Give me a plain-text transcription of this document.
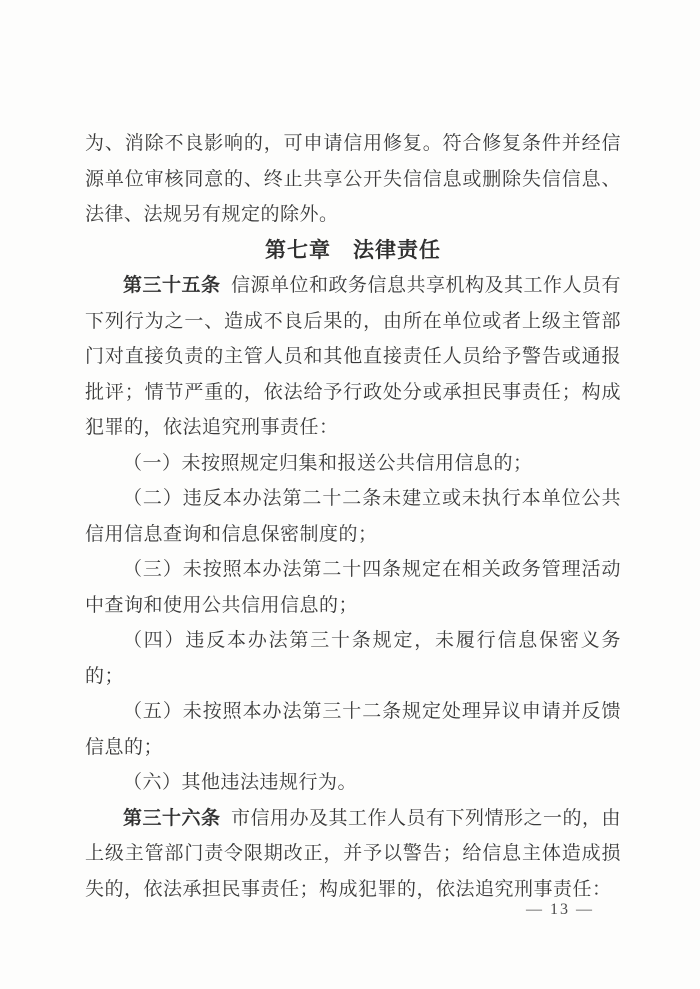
为、消除不良影响的，可申请信用修复。符合修复条件并经信源单位审核同意的、终止共享公开失信信息或删除失信信息、法律、法规另有规定的除外。

第七章　法律责任

第三十五条 信源单位和政务信息共享机构及其工作人员有下列行为之一、造成不良后果的，由所在单位或者上级主管部门对直接负责的主管人员和其他直接责任人员给予警告或通报批评；情节严重的，依法给予行政处分或承担民事责任；构成犯罪的，依法追究刑事责任：

（一）未按照规定归集和报送公共信用信息的；

（二）违反本办法第二十二条未建立或未执行本单位公共信用信息查询和信息保密制度的；

（三）未按照本办法第二十四条规定在相关政务管理活动中查询和使用公共信用信息的；

（四）违反本办法第三十条规定，未履行信息保密义务的；

（五）未按照本办法第三十二条规定处理异议申请并反馈信息的；

（六）其他违法违规行为。

第三十六条 市信用办及其工作人员有下列情形之一的，由上级主管部门责令限期改正，并予以警告；给信息主体造成损失的，依法承担民事责任；构成犯罪的，依法追究刑事责任：

— 13 —
